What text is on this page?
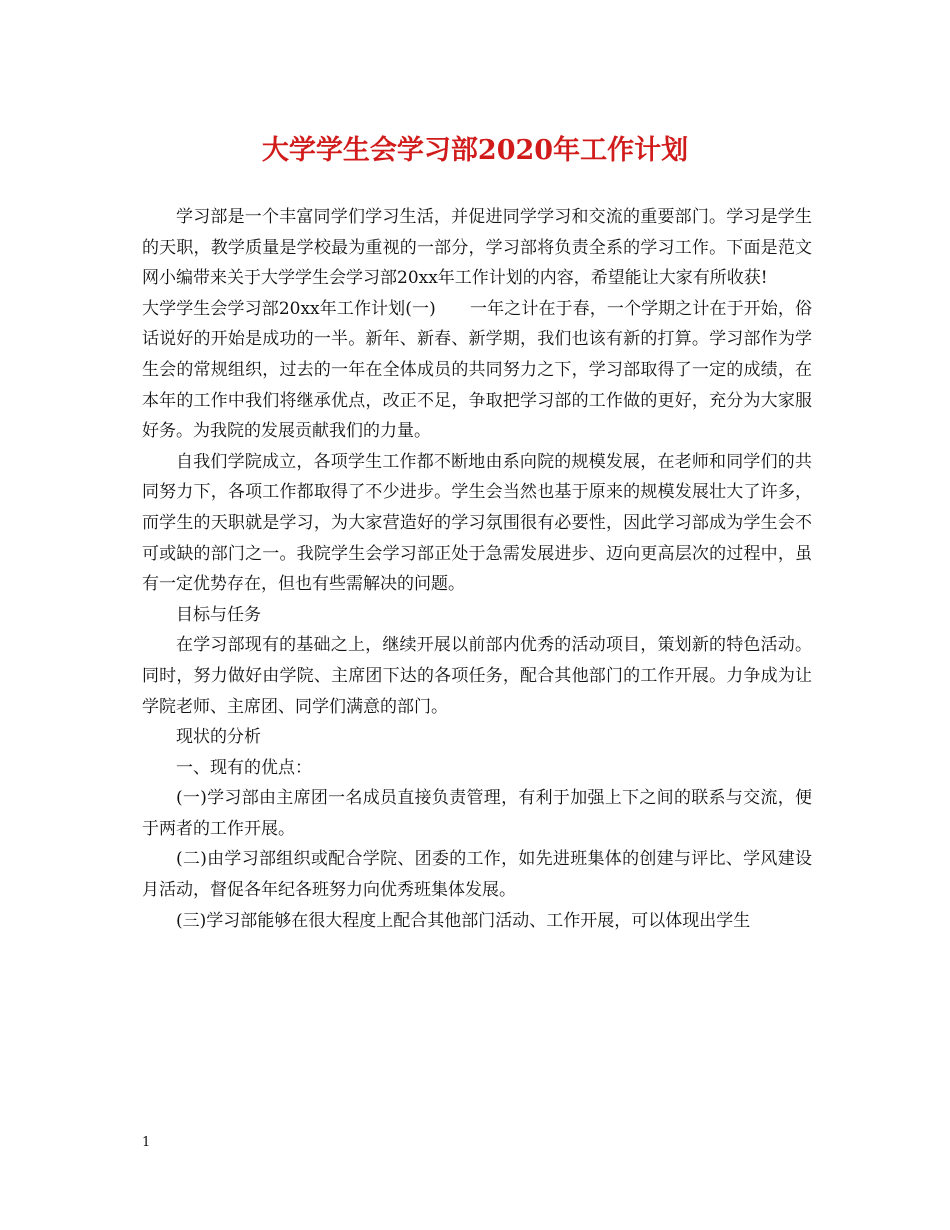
大学学生会学习部2020年工作计划

学习部是一个丰富同学们学习生活，并促进同学学习和交流的重要部门。学习是学生的天职，教学质量是学校最为重视的一部分，学习部将负责全系的学习工作。下面是范文网小编带来关于大学学生会学习部20xx年工作计划的内容，希望能让大家有所收获!

大学学生会学习部20xx年工作计划(一)　　一年之计在于春，一个学期之计在于开始，俗话说好的开始是成功的一半。新年、新春、新学期，我们也该有新的打算。学习部作为学生会的常规组织，过去的一年在全体成员的共同努力之下，学习部取得了一定的成绩，在本年的工作中我们将继承优点，改正不足，争取把学习部的工作做的更好，充分为大家服好务。为我院的发展贡献我们的力量。

自我们学院成立，各项学生工作都不断地由系向院的规模发展，在老师和同学们的共同努力下，各项工作都取得了不少进步。学生会当然也基于原来的规模发展壮大了许多，而学生的天职就是学习，为大家营造好的学习氛围很有必要性，因此学习部成为学生会不可或缺的部门之一。我院学生会学习部正处于急需发展进步、迈向更高层次的过程中，虽有一定优势存在，但也有些需解决的问题。

目标与任务

在学习部现有的基础之上，继续开展以前部内优秀的活动项目，策划新的特色活动。同时，努力做好由学院、主席团下达的各项任务，配合其他部门的工作开展。力争成为让学院老师、主席团、同学们满意的部门。

现状的分析

一、现有的优点：

(一)学习部由主席团一名成员直接负责管理，有利于加强上下之间的联系与交流，便于两者的工作开展。

(二)由学习部组织或配合学院、团委的工作，如先进班集体的创建与评比、学风建设月活动，督促各年纪各班努力向优秀班集体发展。

(三)学习部能够在很大程度上配合其他部门活动、工作开展，可以体现出学生

1
